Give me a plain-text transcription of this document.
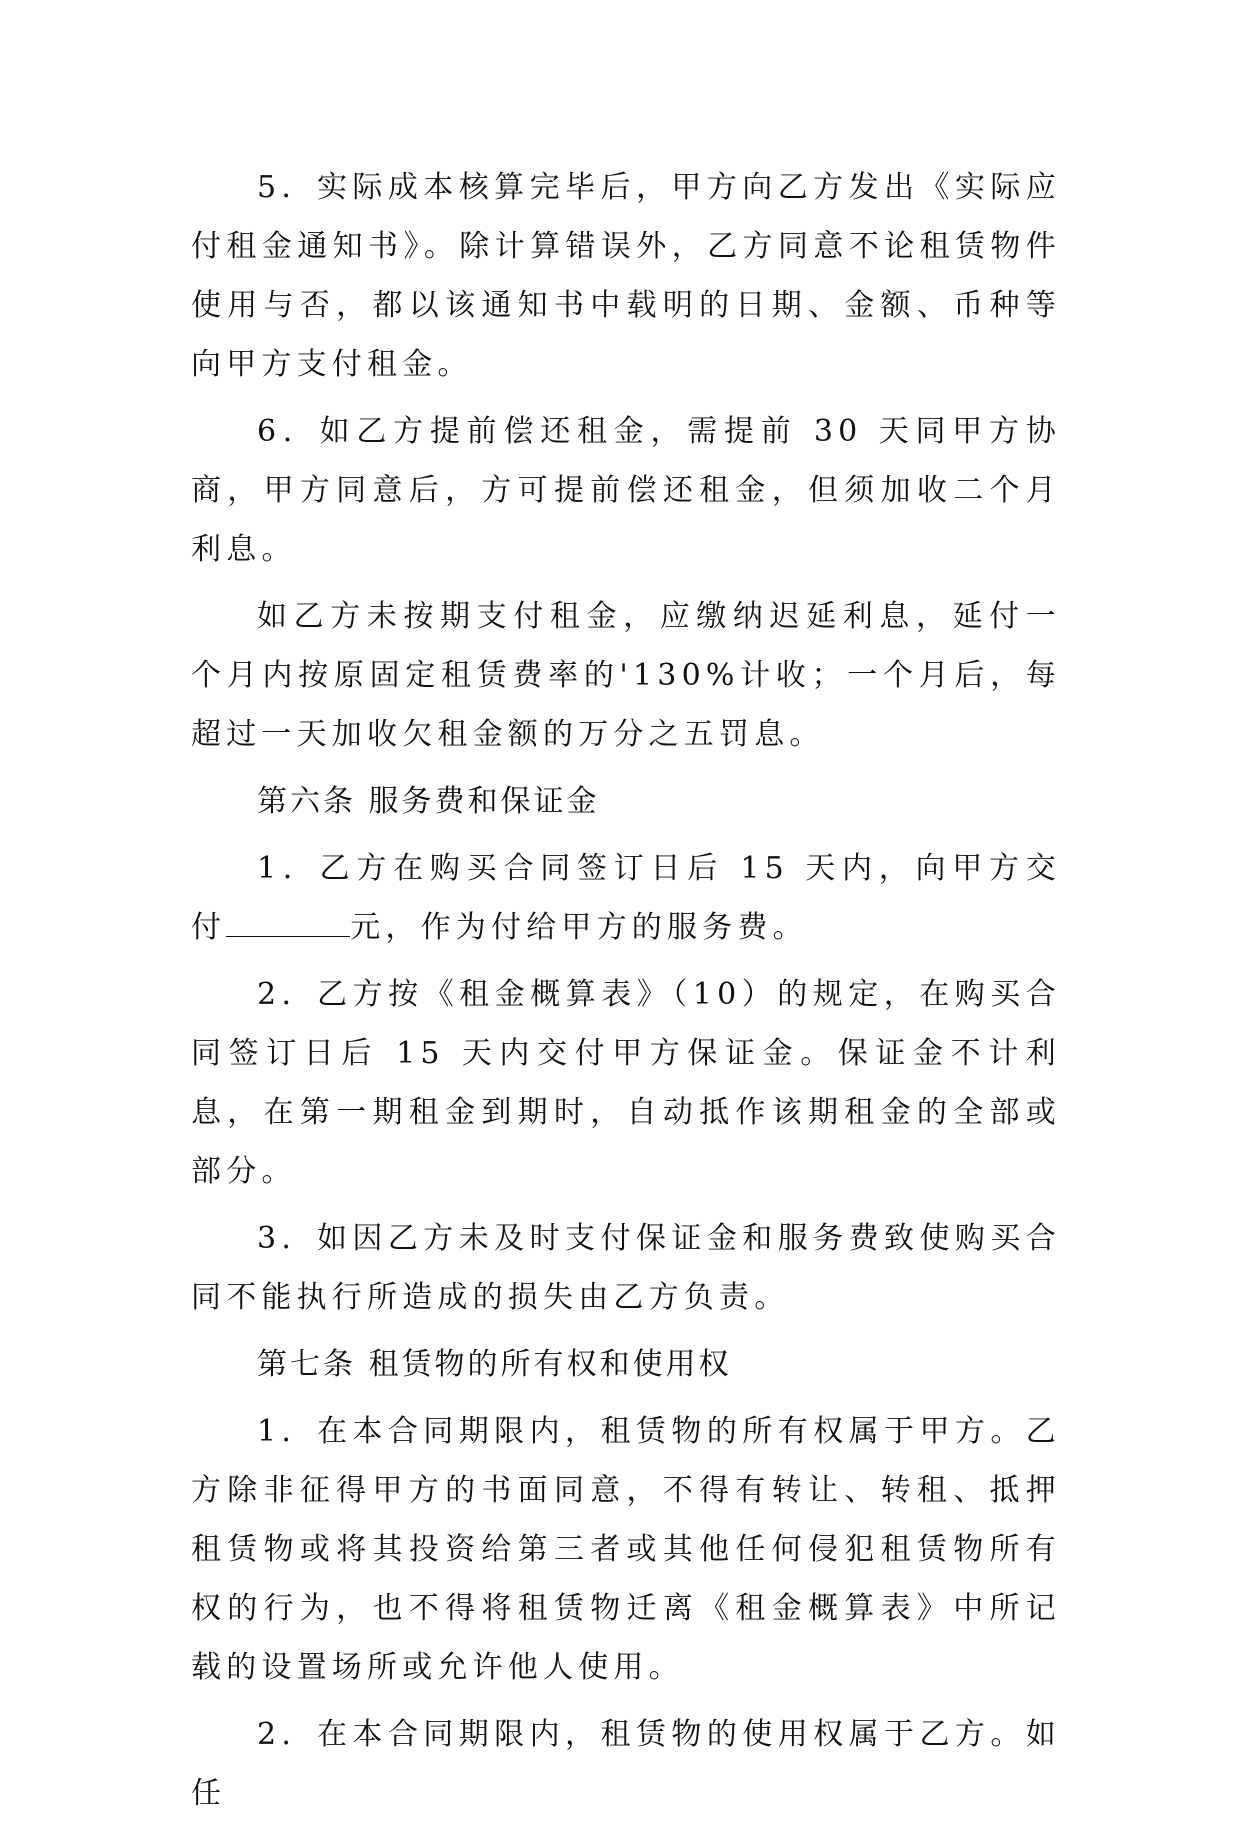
5．实际成本核算完毕后，甲方向乙方发出《实际应付租金通知书》。除计算错误外，乙方同意不论租赁物件使用与否，都以该通知书中载明的日期、金额、币种等向甲方支付租金。

6．如乙方提前偿还租金，需提前 30 天同甲方协商，甲方同意后，方可提前偿还租金，但须加收二个月利息。

如乙方未按期支付租金，应缴纳迟延利息，延付一个月内按原固定租赁费率的'130%计收；一个月后，每超过一天加收欠租金额的万分之五罚息。

第六条 服务费和保证金

1．乙方在购买合同签订日后 15 天内，向甲方交付	元，作为付给甲方的服务费。

2．乙方按《租金概算表》（10）的规定，在购买合同签订日后 15 天内交付甲方保证金。保证金不计利息，在第一期租金到期时，自动抵作该期租金的全部或部分。

3．如因乙方未及时支付保证金和服务费致使购买合同不能执行所造成的损失由乙方负责。

第七条 租赁物的所有权和使用权

1．在本合同期限内，租赁物的所有权属于甲方。乙方除非征得甲方的书面同意，不得有转让、转租、抵押租赁物或将其投资给第三者或其他任何侵犯租赁物所有权的行为，也不得将租赁物迁离《租金概算表》中所记载的设置场所或允许他人使用。

2．在本合同期限内，租赁物的使用权属于乙方。如任
